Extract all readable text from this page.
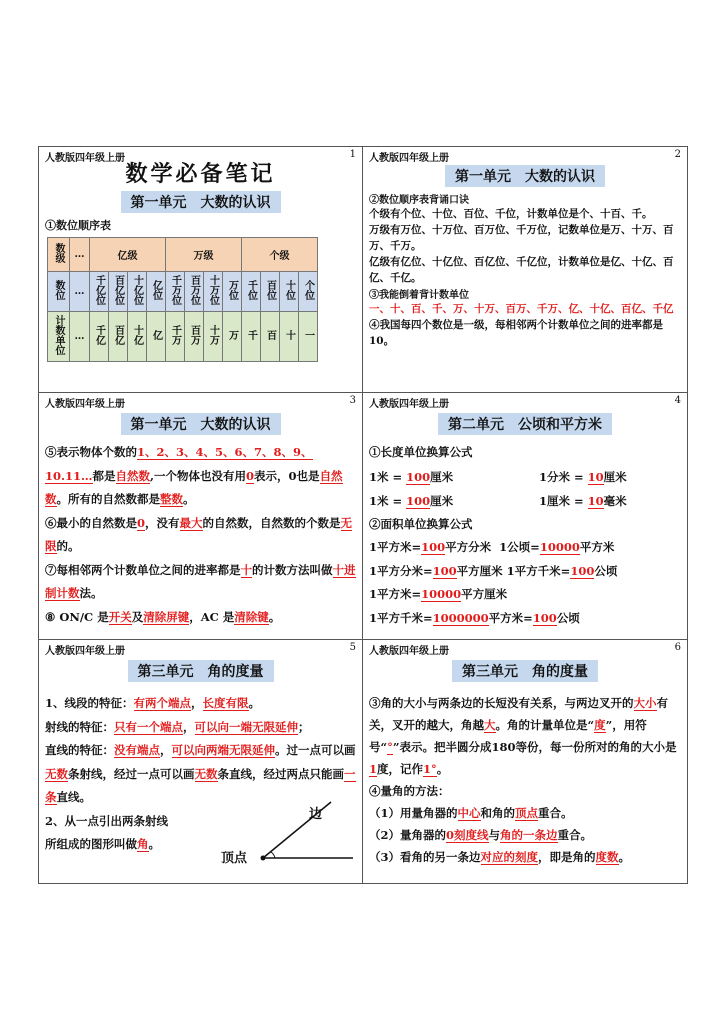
人教版四年级上册	1
数学必备笔记
第一单元　大数的认识
①数位顺序表
数级	…	亿级				万级				个级			
数位	…	千亿位	百亿位	十亿位	亿位	千万位	百万位	十万位	万位	千位	百位	十位	个位
计数单位	…	千亿	百亿	十亿	亿	千万	百万	十万	万	千	百	十	一
人教版四年级上册	2
第一单元　大数的认识
②数位顺序表背诵口诀
个级有个位、十位、百位、千位，计数单位是个、十百、千。
万级有万位、十万位、百万位、千万位，记数单位是万、十万、百万、千万。
亿级有亿位、十亿位、百亿位、千亿位，计数单位是亿、十亿、百亿、千亿。
③我能倒着背计数单位
一、十、百、千、万、十万、百万、千万、亿、十亿、百亿、千亿
④我国每四个数位是一级，每相邻两个计数单位之间的进率都是10。
人教版四年级上册	3
第一单元　大数的认识
⑤表示物体个数的1、2、3、4、5、6、7、8、9、10.11…都是自然数,一个物体也没有用0表示，0也是自然数。所有的自然数都是整数。
⑥最小的自然数是0，没有最大的自然数，自然数的个数是无限的。
⑦每相邻两个计数单位之间的进率都是十的计数方法叫做十进制计数法。
⑧ ON/C 是开关及清除屏键，AC 是清除键。
人教版四年级上册	4
第二单元　公顷和平方米
①长度单位换算公式
1米 = 100厘米	1分米 = 10厘米
1米 = 100厘米	1厘米 = 10毫米
②面积单位换算公式
1平方米=100平方分米 1公顷=10000平方米
1平方分米=100平方厘米 1平方千米=100公顷
1平方米=10000平方厘米
1平方千米=1000000平方米=100公顷
人教版四年级上册	5
第三单元　角的度量
1、线段的特征：有两个端点，长度有限。
射线的特征：只有一个端点，可以向一端无限延伸；
直线的特征：没有端点，可以向两端无限延伸。过一点可以画无数条射线，经过一点可以画无数条直线，经过两点只能画一条直线。
2、从一点引出两条射线
所组成的图形叫做角。
边
顶点
人教版四年级上册	6
第三单元　角的度量
③角的大小与两条边的长短没有关系，与两边叉开的大小有关，叉开的越大，角越大。角的计量单位是“度”，用符号“°”表示。把半圆分成180等份，每一份所对的角的大小是1度，记作1°。
④量角的方法：
（1）用量角器的中心和角的顶点重合。
（2）量角器的0刻度线与角的一条边重合。
（3）看角的另一条边对应的刻度，即是角的度数。
